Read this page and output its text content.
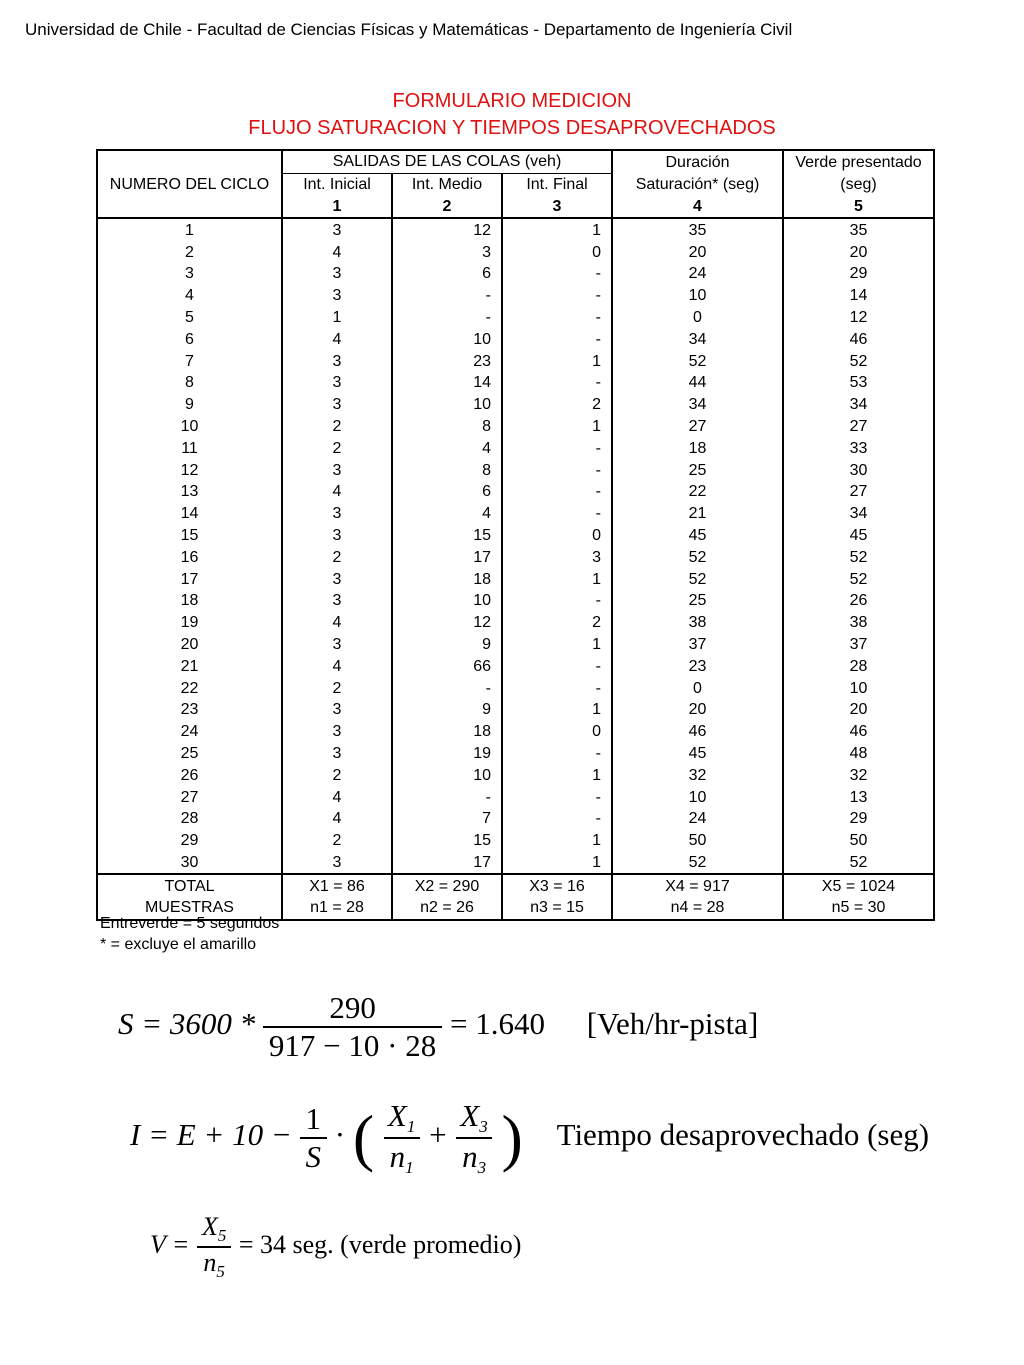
Universidad de Chile - Facultad de Ciencias Físicas y Matemáticas - Departamento de Ingeniería Civil
FORMULARIO MEDICION
FLUJO SATURACION Y TIEMPOS DESAPROVECHADOS
NUMERO DEL CICLO	SALIDAS DE LAS COLAS (veh)			Duración	Verde presentado
	Int. Inicial	Int. Medio	Int. Final	Saturación* (seg)	(seg)
	1	2	3	4	5
1	3	12	1	35	35
2	4	3	0	20	20
3	3	6	-	24	29
4	3	-	-	10	14
5	1	-	-	0	12
6	4	10	-	34	46
7	3	23	1	52	52
8	3	14	-	44	53
9	3	10	2	34	34
10	2	8	1	27	27
11	2	4	-	18	33
12	3	8	-	25	30
13	4	6	-	22	27
14	3	4	-	21	34
15	3	15	0	45	45
16	2	17	3	52	52
17	3	18	1	52	52
18	3	10	-	25	26
19	4	12	2	38	38
20	3	9	1	37	37
21	4	66	-	23	28
22	2	-	-	0	10
23	3	9	1	20	20
24	3	18	0	46	46
25	3	19	-	45	48
26	2	10	1	32	32
27	4	-	-	10	13
28	4	7	-	24	29
29	2	15	1	50	50
30	3	17	1	52	52
TOTAL	X1 = 86	X2 = 290	X3 = 16	X4 = 917	X5 = 1024
MUESTRAS	n1 = 28	n2 = 26	n3 = 15	n4 = 28	n5 = 30
Entreverde = 5 segundos
* = excluye el amarillo
$S = 3600 * \frac{290}{917 - 10 \cdot 28} = 1.640$ [Veh/hr-pista]
$I = E + 10 - \frac{1}{S}$ · ( $\frac{X_1}{n_1} + \frac{X_3}{n_3}$ ) Tiempo desaprovechado (seg)
$V = \frac{X_5}{n_5} = 34$ seg. (verde promedio)
